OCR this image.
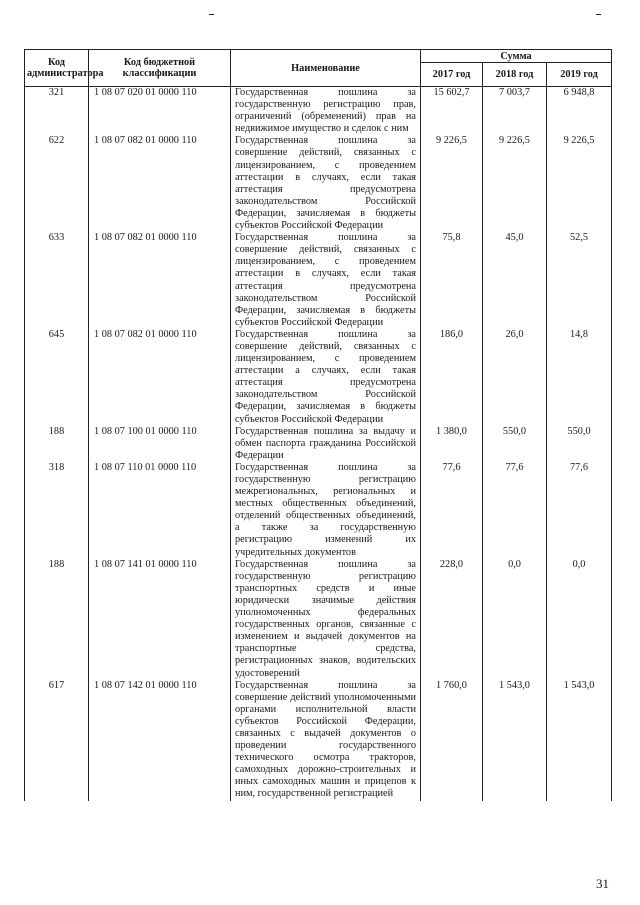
Код администратора	Код бюджетной классификации	Наименование	Сумма		
			2017 год	2018 год	2019 год
321	1 08 07 020 01 0000 110	Государственная пошлина за государственную регистрацию прав, ограничений (обременений) прав на недвижимое имущество и сделок с ним	15 602,7	7 003,7	6 948,8
622	1 08 07 082 01 0000 110	Государственная пошлина за совершение действий, связанных с лицензированием, с проведением аттестации в случаях, если такая аттестация предусмотрена законодательством Российской Федерации, зачисляемая в бюджеты субъектов Российской Федерации	9 226,5	9 226,5	9 226,5
633	1 08 07 082 01 0000 110	Государственная пошлина за совершение действий, связанных с лицензированием, с проведением аттестации в случаях, если такая аттестация предусмотрена законодательством Российской Федерации, зачисляемая в бюджеты субъектов Российской Федерации	75,8	45,0	52,5
645	1 08 07 082 01 0000 110	Государственная пошлина за совершение действий, связанных с лицензированием, с проведением аттестации а случаях, если такая аттестация предусмотрена законодательством Российской Федерации, зачисляемая в бюджеты субъектов Российской Федерации	186,0	26,0	14,8
188	1 08 07 100 01 0000 110	Государственная пошлина за выдачу и обмен паспорта гражданина Российской Федерации	1 380,0	550,0	550,0
318	1 08 07 110 01 0000 110	Государственная пошлина за государственную регистрацию межрегиональных, региональных и местных общественных объединений, отделений общественных объединений, а также за государственную регистрацию изменений их учредительных документов	77,6	77,6	77,6
188	1 08 07 141 01 0000 110	Государственная пошлина за государственную регистрацию транспортных средств и иные юридически значимые действия уполномоченных федеральных государственных органов, связанные с изменением и выдачей документов на транспортные средства, регистрационных знаков, водительских удостоверений	228,0	0,0	0,0
617	1 08 07 142 01 0000 110	Государственная пошлина за совершение действий уполномоченными органами исполнительной власти субъектов Российской Федерации, связанных с выдачей документов о проведении государственного технического осмотра тракторов, самоходных дорожно-строительных и иных самоходных машин и прицепов к ним, государственной регистрацией	1 760,0	1 543,0	1 543,0
31
